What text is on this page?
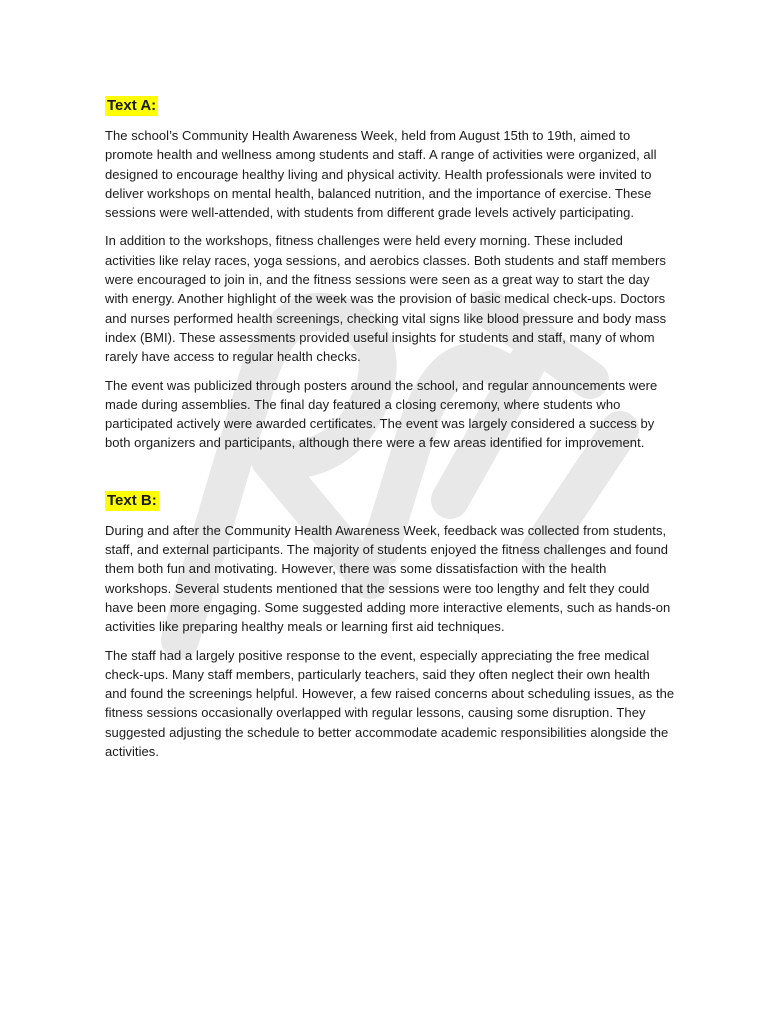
Text A:

The school’s Community Health Awareness Week, held from August 15th to 19th, aimed to promote health and wellness among students and staff. A range of activities were organized, all designed to encourage healthy living and physical activity. Health professionals were invited to deliver workshops on mental health, balanced nutrition, and the importance of exercise. These sessions were well-attended, with students from different grade levels actively participating.

In addition to the workshops, fitness challenges were held every morning. These included activities like relay races, yoga sessions, and aerobics classes. Both students and staff members were encouraged to join in, and the fitness sessions were seen as a great way to start the day with energy. Another highlight of the week was the provision of basic medical check-ups. Doctors and nurses performed health screenings, checking vital signs like blood pressure and body mass index (BMI). These assessments provided useful insights for students and staff, many of whom rarely have access to regular health checks.

The event was publicized through posters around the school, and regular announcements were made during assemblies. The final day featured a closing ceremony, where students who participated actively were awarded certificates. The event was largely considered a success by both organizers and participants, although there were a few areas identified for improvement.

Text B:

During and after the Community Health Awareness Week, feedback was collected from students, staff, and external participants. The majority of students enjoyed the fitness challenges and found them both fun and motivating. However, there was some dissatisfaction with the health workshops. Several students mentioned that the sessions were too lengthy and felt they could have been more engaging. Some suggested adding more interactive elements, such as hands-on activities like preparing healthy meals or learning first aid techniques.

The staff had a largely positive response to the event, especially appreciating the free medical check-ups. Many staff members, particularly teachers, said they often neglect their own health and found the screenings helpful. However, a few raised concerns about scheduling issues, as the fitness sessions occasionally overlapped with regular lessons, causing some disruption. They suggested adjusting the schedule to better accommodate academic responsibilities alongside the activities.
